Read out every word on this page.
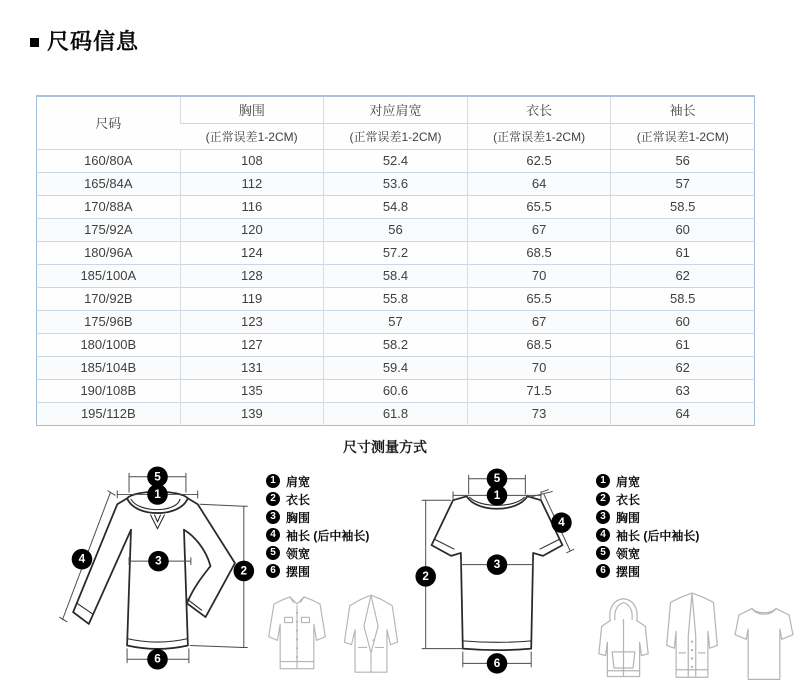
尺码信息
尺码	胸围	对应肩宽	衣长	袖长
	(正常误差1-2CM)	(正常误差1-2CM)	(正常误差1-2CM)	(正常误差1-2CM)
160/80A	108	52.4	62.5	56
165/84A	112	53.6	64	57
170/88A	116	54.8	65.5	58.5
175/92A	120	56	67	60
180/96A	124	57.2	68.5	61
185/100A	128	58.4	70	62
170/92B	119	55.8	65.5	58.5
175/96B	123	57	67	60
180/100B	127	58.2	68.5	61
185/104B	131	59.4	70	62
190/108B	135	60.6	71.5	63
195/112B	139	61.8	73	64
尺寸测量方式
5
1
3
2
4
6
1 肩宽
2 衣长
3 胸围
4 袖长 (后中袖长)
5 领宽
6 摆围
5
1
4
2
3
6
1 肩宽
2 衣长
3 胸围
4 袖长 (后中袖长)
5 领宽
6 摆围
